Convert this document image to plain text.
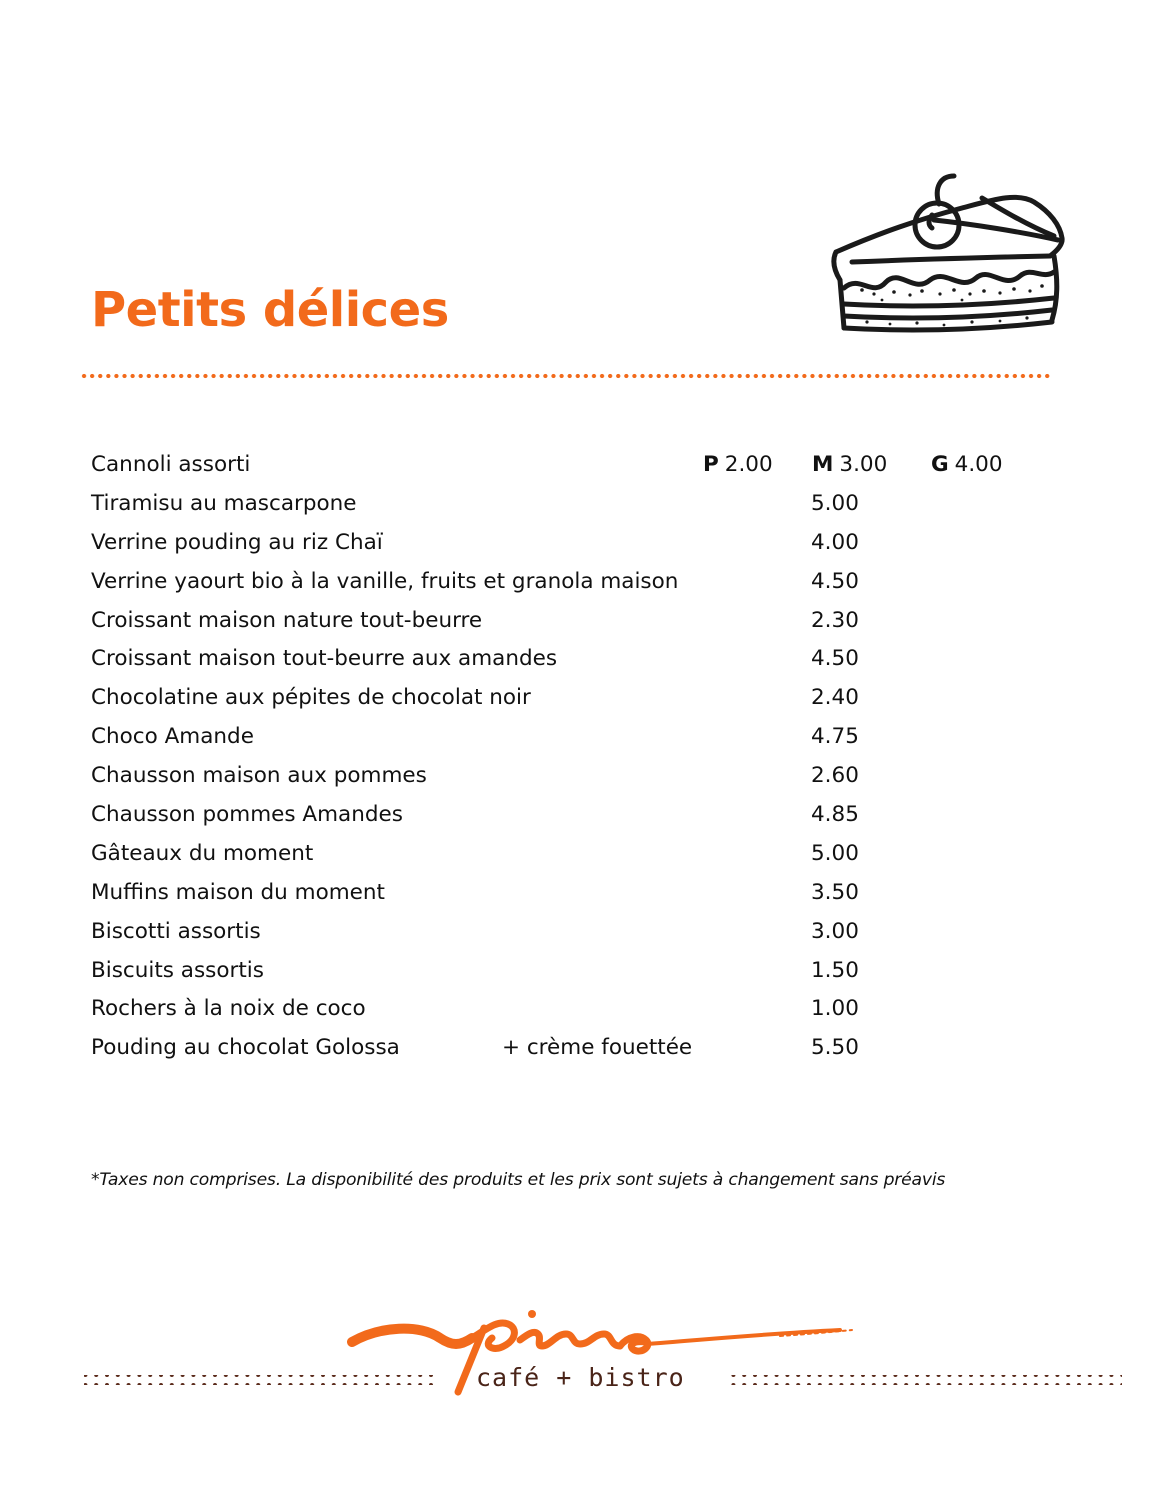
Petits délices
Cannoli assorti	P 2.00 M 3.00 G 4.00
Tiramisu au mascarpone	5.00
Verrine pouding au riz Chaï	4.00
Verrine yaourt bio à la vanille, fruits et granola maison	4.50
Croissant maison nature tout-beurre	2.30
Croissant maison tout-beurre aux amandes	4.50
Chocolatine aux pépites de chocolat noir	2.40
Choco Amande	4.75
Chausson maison aux pommes	2.60
Chausson pommes Amandes	4.85
Gâteaux du moment	5.00
Muffins maison du moment	3.50
Biscotti assortis	3.00
Biscuits assortis	1.50
Rochers à la noix de coco	1.00
Pouding au chocolat Golossa	+ crème fouettée	5.50
*Taxes non comprises. La disponibilité des produits et les prix sont sujets à changement sans préavis
café + bistro
